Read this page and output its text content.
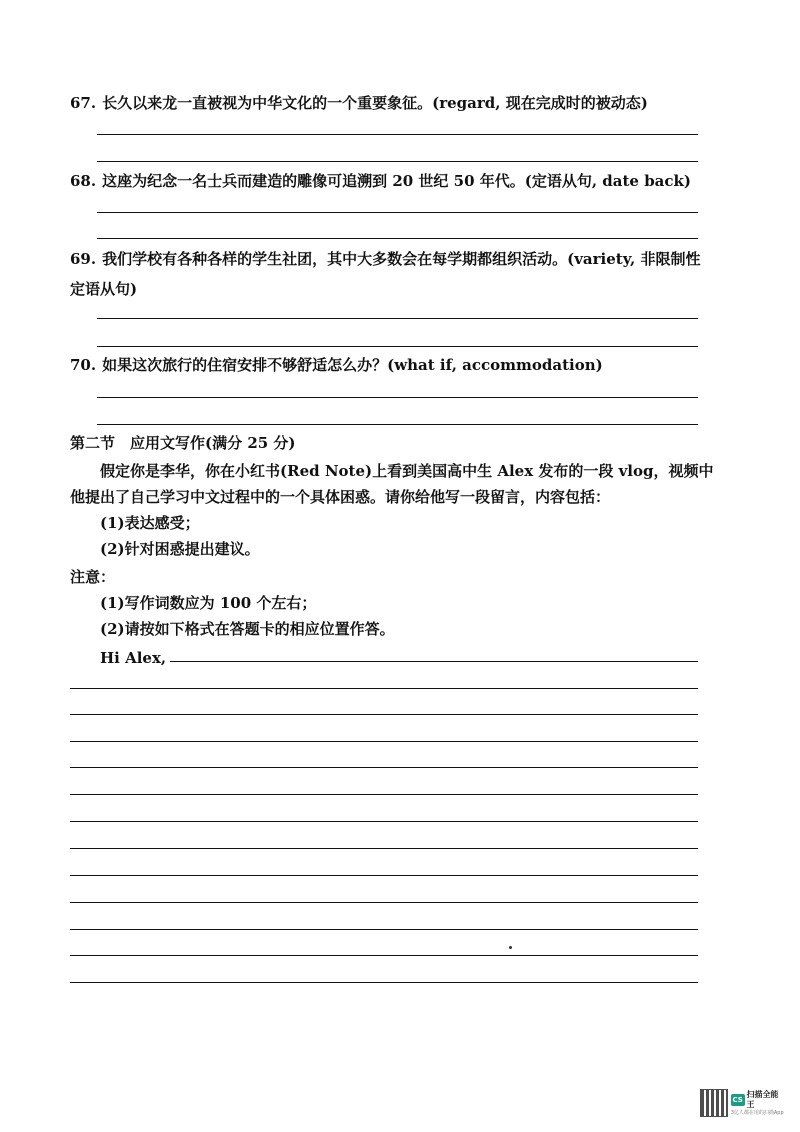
67. 长久以来龙一直被视为中华文化的一个重要象征。(regard, 现在完成时的被动态)
68. 这座为纪念一名士兵而建造的雕像可追溯到 20 世纪 50 年代。(定语从句, date back)
69. 我们学校有各种各样的学生社团，其中大多数会在每学期都组织活动。(variety, 非限制性定语从句)
70. 如果这次旅行的住宿安排不够舒适怎么办？(what if, accommodation)
第二节　应用文写作(满分 25 分)
假定你是李华，你在小红书(Red Note)上看到美国高中生 Alex 发布的一段 vlog，视频中
他提出了自己学习中文过程中的一个具体困惑。请你给他写一段留言，内容包括：
(1)表达感受；
(2)针对困惑提出建议。
注意：
(1)写作词数应为 100 个左右；
(2)请按如下格式在答题卡的相应位置作答。
Hi Alex,
CS
扫描全能王
3亿人都在用的扫描App
